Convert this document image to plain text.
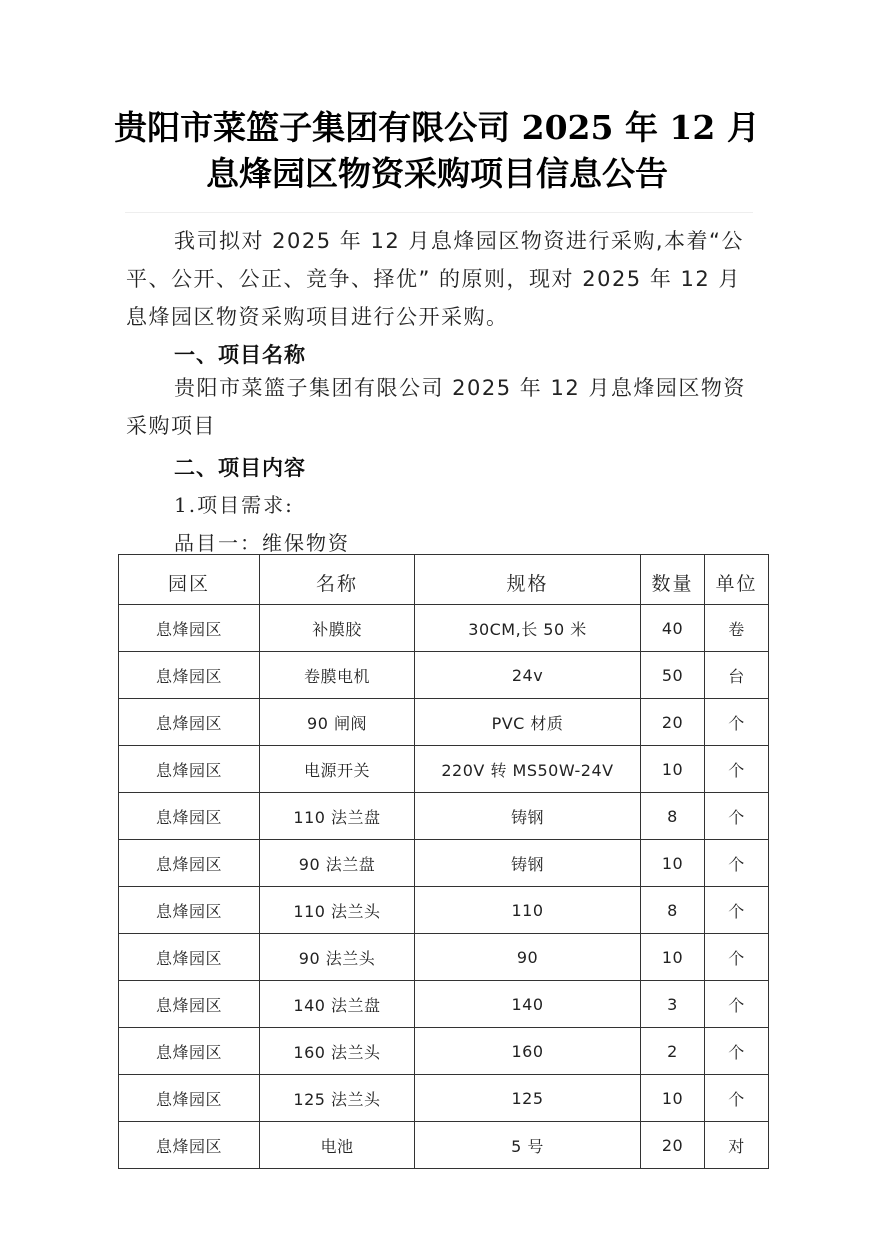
贵阳市菜篮子集团有限公司 2025 年 12 月
息烽园区物资采购项目信息公告
我司拟对 2025 年 12 月息烽园区物资进行采购,本着“公
平、公开、公正、竞争、择优” 的原则，现对 2025 年 12 月
息烽园区物资采购项目进行公开采购。
一、项目名称
贵阳市菜篮子集团有限公司 2025 年 12 月息烽园区物资
采购项目
二、项目内容
1.项目需求:
品目一：维保物资
园区	名称	规格	数量	单位
息烽园区	补膜胶	30CM,长 50 米	40	卷
息烽园区	卷膜电机	24v	50	台
息烽园区	90 闸阀	PVC 材质	20	个
息烽园区	电源开关	220V 转 MS50W-24V	10	个
息烽园区	110 法兰盘	铸钢	8	个
息烽园区	90 法兰盘	铸钢	10	个
息烽园区	110 法兰头	110	8	个
息烽园区	90 法兰头	90	10	个
息烽园区	140 法兰盘	140	3	个
息烽园区	160 法兰头	160	2	个
息烽园区	125 法兰头	125	10	个
息烽园区	电池	5 号	20	对
